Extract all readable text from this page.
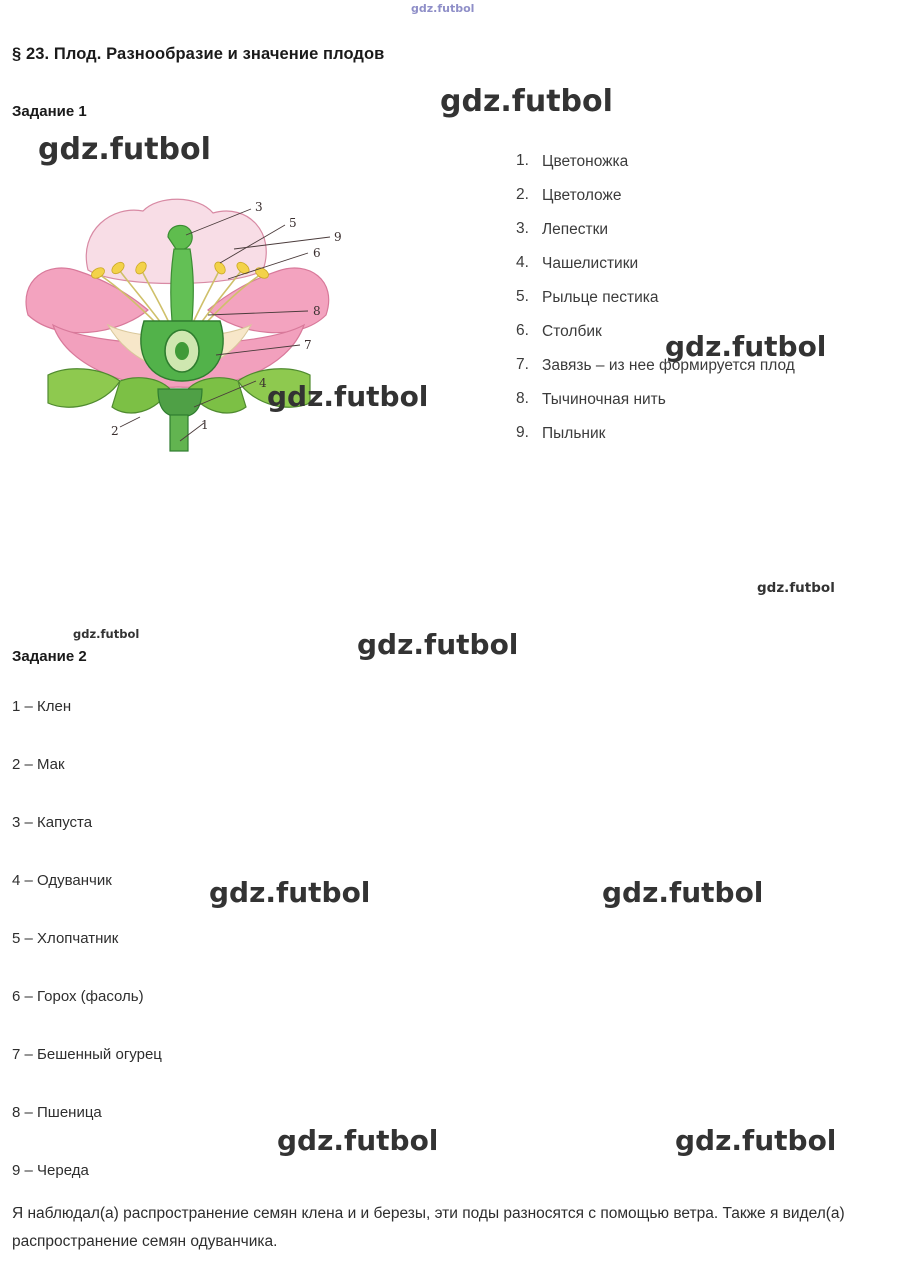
§ 23. Плод. Разнообразие и значение плодов
Задание 1
3
5
9
6
8
7
4
1
2
1. Цветоножка
2. Цветоложе
3. Лепестки
4. Чашелистики
5. Рыльце пестика
6. Столбик
7. Завязь – из нее формируется плод
8. Тычиночная нить
9. Пыльник
Задание 2
1 – Клен
2 – Мак
3 – Капуста
4 – Одуванчик
5 – Хлопчатник
6 – Горох (фасоль)
7 – Бешенный огурец
8 – Пшеница
9 – Череда
Я наблюдал(а) распространение семян клена и и березы, эти поды разносятся с помощью ветра. Также я видел(а) распространение семян одуванчика.
gdz.futbol
gdz.futbol
gdz.futbol
gdz.futbol
gdz.futbol
gdz.futbol
gdz.futbol	gdz.futbol
gdz.futbol	gdz.futbol
gdz.futbol	gdz.futbol
